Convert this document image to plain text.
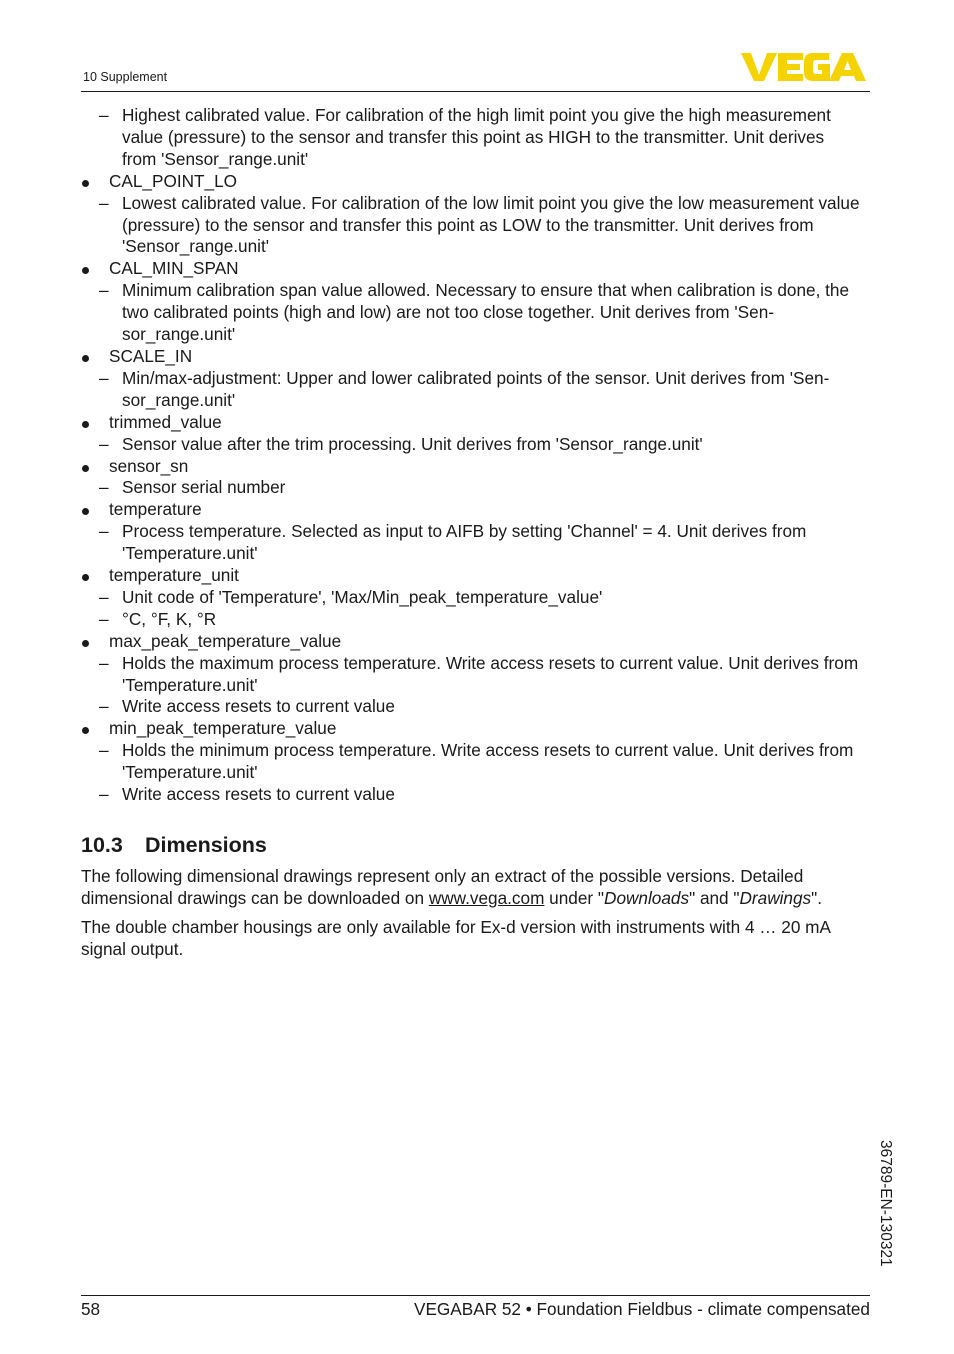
10 Supplement
– Highest calibrated value. For calibration of the high limit point you give the high measurement value (pressure) to the sensor and transfer this point as HIGH to the transmitter. Unit derives from 'Sensor_range.unit'
CAL_POINT_LO
– Lowest calibrated value. For calibration of the low limit point you give the low measurement value (pressure) to the sensor and transfer this point as LOW to the transmitter. Unit derives from 'Sensor_range.unit'
CAL_MIN_SPAN
– Minimum calibration span value allowed. Necessary to ensure that when calibration is done, the two calibrated points (high and low) are not too close together. Unit derives from 'Sen-sor_range.unit'
SCALE_IN
– Min/max-adjustment: Upper and lower calibrated points of the sensor. Unit derives from 'Sen-sor_range.unit'
trimmed_value
– Sensor value after the trim processing. Unit derives from 'Sensor_range.unit'
sensor_sn
– Sensor serial number
temperature
– Process temperature. Selected as input to AIFB by setting 'Channel' = 4. Unit derives from 'Temperature.unit'
temperature_unit
– Unit code of 'Temperature', 'Max/Min_peak_temperature_value'
– °C, °F, K, °R
max_peak_temperature_value
– Holds the maximum process temperature. Write access resets to current value. Unit derives from 'Temperature.unit'
– Write access resets to current value
min_peak_temperature_value
– Holds the minimum process temperature. Write access resets to current value. Unit derives from 'Temperature.unit'
– Write access resets to current value
10.3 Dimensions

The following dimensional drawings represent only an extract of the possible versions. Detailed dimensional drawings can be downloaded on www.vega.com under "Downloads" and "Drawings".

The double chamber housings are only available for Ex-d version with instruments with 4 … 20 mA signal output.

36789-EN-130321
58	VEGABAR 52 • Foundation Fieldbus - climate compensated
